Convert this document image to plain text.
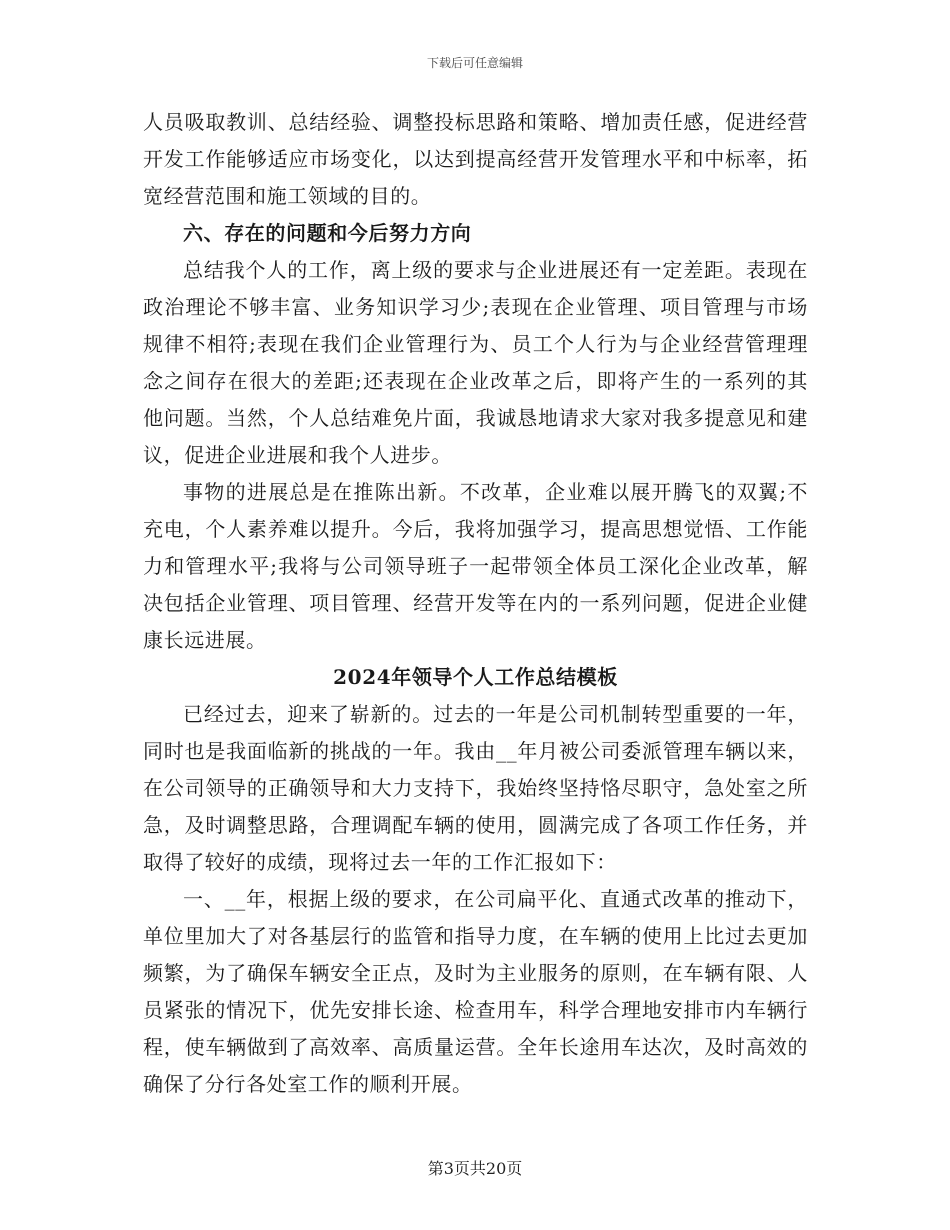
下载后可任意编辑

人员吸取教训、总结经验、调整投标思路和策略、增加责任感，促进经营开发工作能够适应市场变化，以达到提高经营开发管理水平和中标率，拓宽经营范围和施工领域的目的。

六、存在的问题和今后努力方向

总结我个人的工作，离上级的要求与企业进展还有一定差距。表现在政治理论不够丰富、业务知识学习少;表现在企业管理、项目管理与市场规律不相符;表现在我们企业管理行为、员工个人行为与企业经营管理理念之间存在很大的差距;还表现在企业改革之后，即将产生的一系列的其他问题。当然，个人总结难免片面，我诚恳地请求大家对我多提意见和建议，促进企业进展和我个人进步。

事物的进展总是在推陈出新。不改革，企业难以展开腾飞的双翼;不充电，个人素养难以提升。今后，我将加强学习，提高思想觉悟、工作能力和管理水平;我将与公司领导班子一起带领全体员工深化企业改革，解决包括企业管理、项目管理、经营开发等在内的一系列问题，促进企业健康长远进展。

2024年领导个人工作总结模板

已经过去，迎来了崭新的。过去的一年是公司机制转型重要的一年，同时也是我面临新的挑战的一年。我由__年月被公司委派管理车辆以来，在公司领导的正确领导和大力支持下，我始终坚持恪尽职守，急处室之所急，及时调整思路，合理调配车辆的使用，圆满完成了各项工作任务，并取得了较好的成绩，现将过去一年的工作汇报如下：

一、__年，根据上级的要求，在公司扁平化、直通式改革的推动下，单位里加大了对各基层行的监管和指导力度，在车辆的使用上比过去更加频繁，为了确保车辆安全正点，及时为主业服务的原则，在车辆有限、人员紧张的情况下，优先安排长途、检查用车，科学合理地安排市内车辆行程，使车辆做到了高效率、高质量运营。全年长途用车达次，及时高效的确保了分行各处室工作的顺利开展。

第3页共20页
